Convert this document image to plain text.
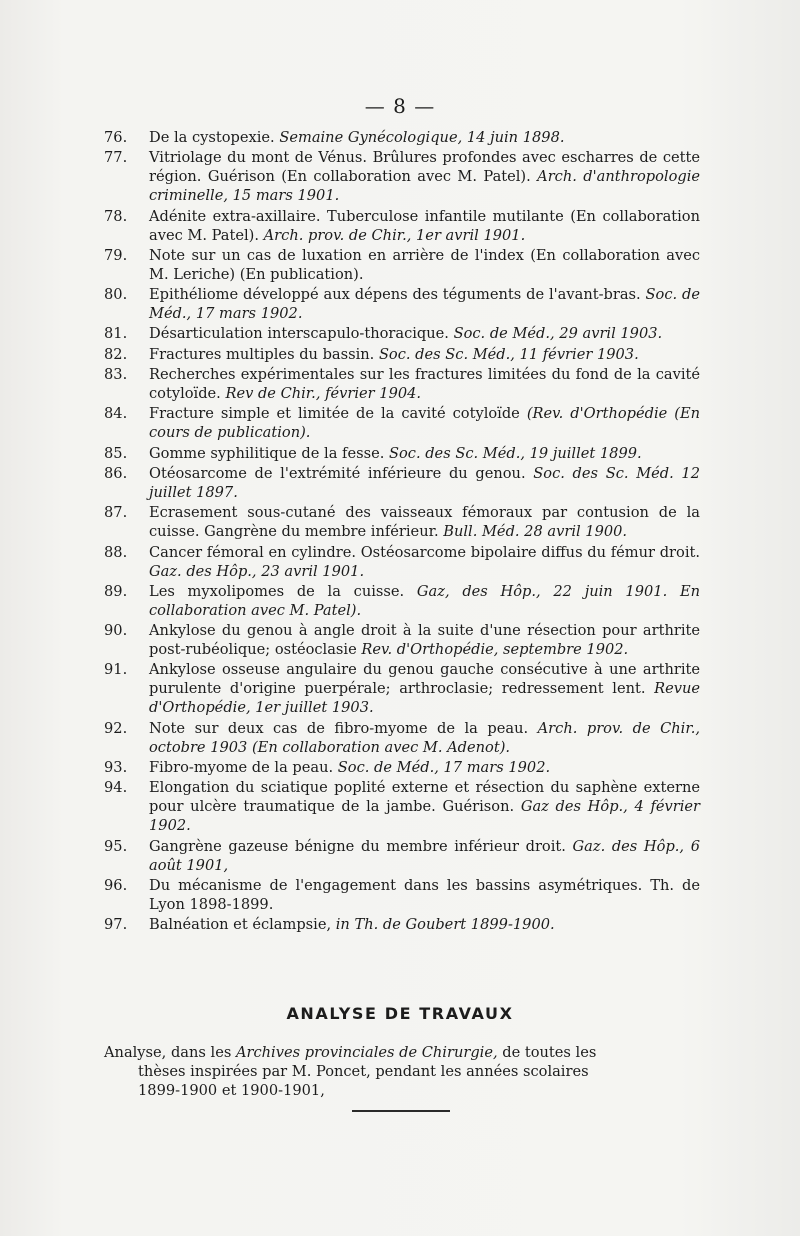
— 8 —
76.	De la cystopexie. Semaine Gynécologique, 14 juin 1898.
77.	Vitriolage du mont de Vénus. Brûlures profondes avec escharres de cette région. Guérison (En collaboration avec M. Patel). Arch. d'anthropologie criminelle, 15 mars 1901.
78.	Adénite extra-axillaire. Tuberculose infantile mutilante (En collaboration avec M. Patel). Arch. prov. de Chir., 1er avril 1901.
79.	Note sur un cas de luxation en arrière de l'index (En collaboration avec M. Leriche) (En publication).
80.	Epithéliome développé aux dépens des téguments de l'avant-bras. Soc. de Méd., 17 mars 1902.
81.	Désarticulation interscapulo-thoracique. Soc. de Méd., 29 avril 1903.
82.	Fractures multiples du bassin. Soc. des Sc. Méd., 11 février 1903.
83.	Recherches expérimentales sur les fractures limitées du fond de la cavité cotyloïde. Rev de Chir., février 1904.
84.	Fracture simple et limitée de la cavité cotyloïde (Rev. d'Orthopédie (En cours de publication).
85.	Gomme syphilitique de la fesse. Soc. des Sc. Méd., 19 juillet 1899.
86.	Otéosarcome de l'extrémité inférieure du genou. Soc. des Sc. Méd. 12 juillet 1897.
87.	Ecrasement sous-cutané des vaisseaux fémoraux par contusion de la cuisse. Gangrène du membre inférieur. Bull. Méd. 28 avril 1900.
88.	Cancer fémoral en cylindre. Ostéosarcome bipolaire diffus du fémur droit. Gaz. des Hôp., 23 avril 1901.
89.	Les myxolipomes de la cuisse. Gaz, des Hôp., 22 juin 1901. En collaboration avec M. Patel).
90.	Ankylose du genou à angle droit à la suite d'une résection pour arthrite post-rubéolique; ostéoclasie Rev. d'Orthopédie, septembre 1902.
91.	Ankylose osseuse angulaire du genou gauche consécutive à une arthrite purulente d'origine puerpérale; arthroclasie; redressement lent. Revue d'Orthopédie, 1er juillet 1903.
92.	Note sur deux cas de fibro-myome de la peau. Arch. prov. de Chir., octobre 1903 (En collaboration avec M. Adenot).
93.	Fibro-myome de la peau. Soc. de Méd., 17 mars 1902.
94.	Elongation du sciatique poplité externe et résection du saphène externe pour ulcère traumatique de la jambe. Guérison. Gaz des Hôp., 4 février 1902.
95.	Gangrène gazeuse bénigne du membre inférieur droit. Gaz. des Hôp., 6 août 1901,
96.	Du mécanisme de l'engagement dans les bassins asymétriques. Th. de Lyon 1898-1899.
97.	Balnéation et éclampsie, in Th. de Goubert 1899-1900.
ANALYSE DE TRAVAUX
Analyse, dans les Archives provinciales de Chirurgie, de toutes les
thèses inspirées par M. Poncet, pendant les années scolaires
1899-1900 et 1900-1901,
